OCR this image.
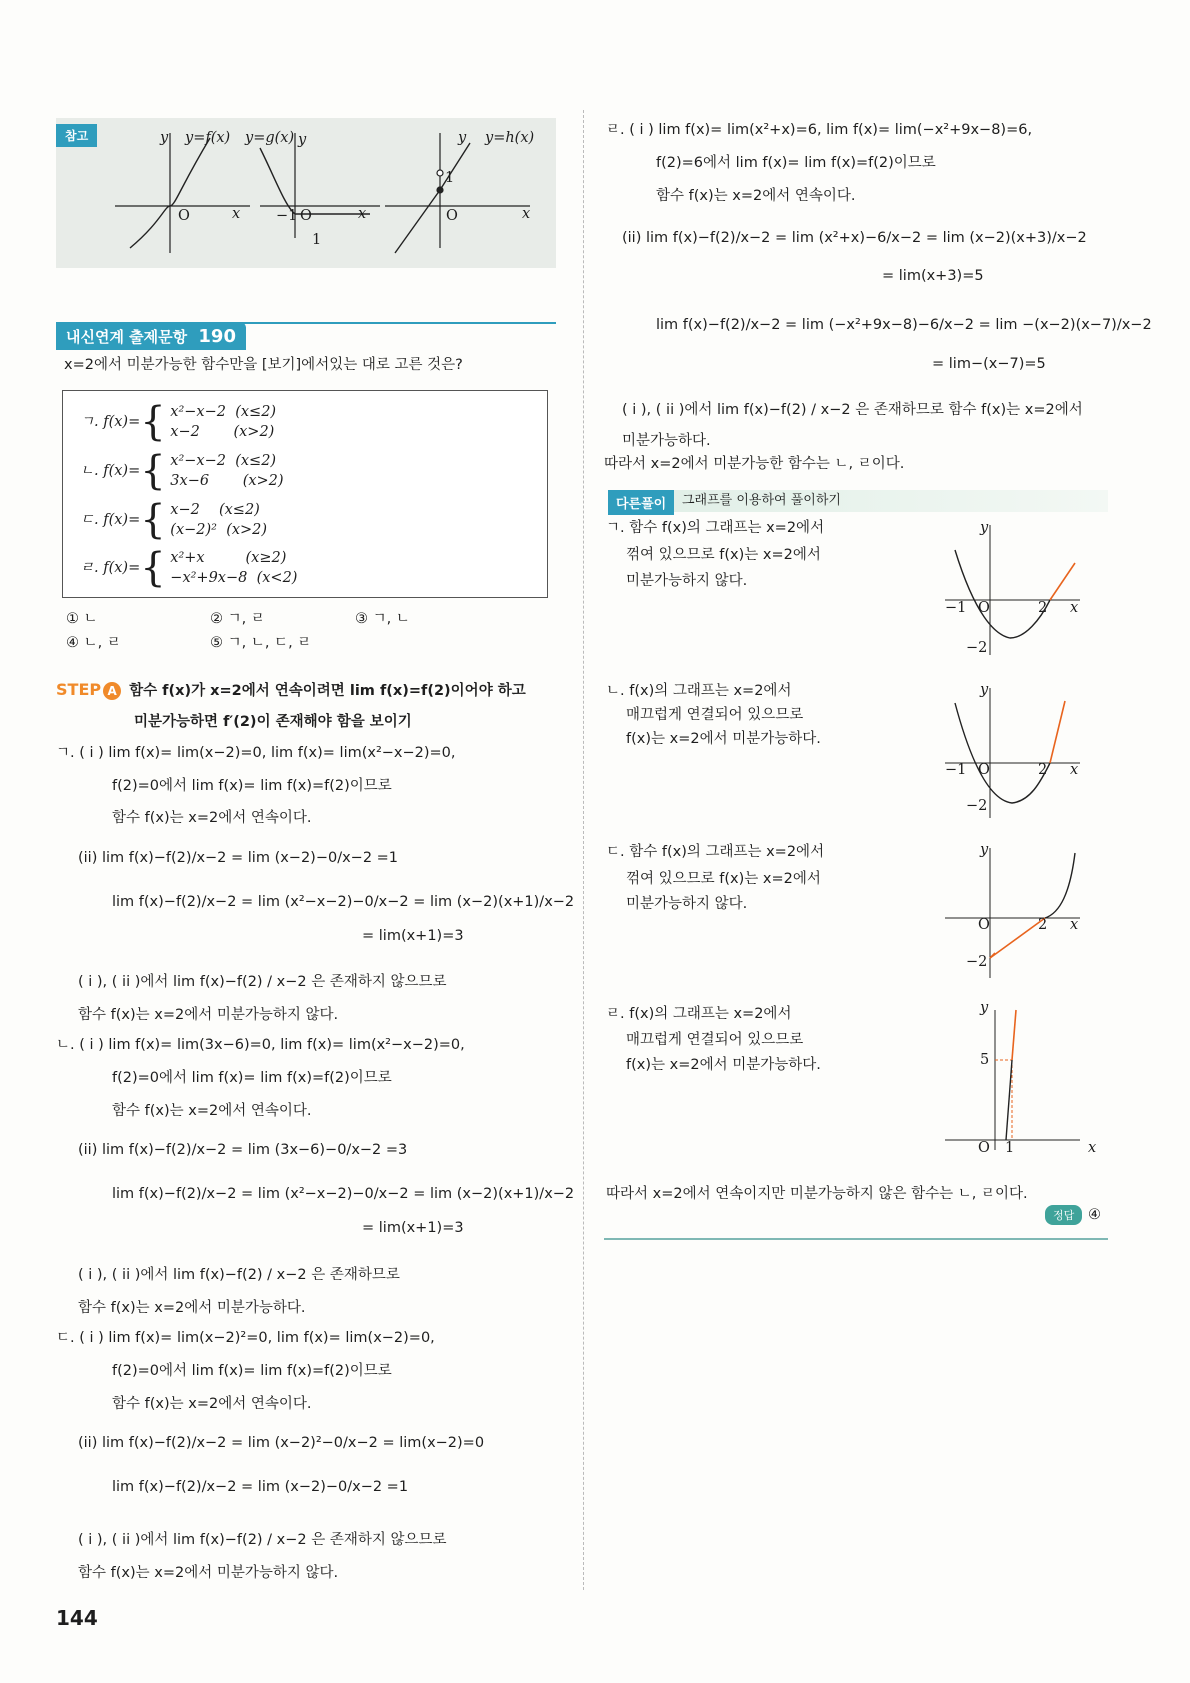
참고	y y=f(x) y=g(x) y	y y=h(x)
O	x −1 O	x
1
O
1
x
내신연계 출제문항 190
x=2에서 미분가능한 함수만을 [보기]에서있는 대로 고른 것은?
ㄱ. f(x)={ x²−x−2 (x≤2)
x−2   (x>2)
ㄴ. f(x)={ x²−x−2 (x≤2)
3x−6   (x>2)
ㄷ. f(x)={ x−2  (x≤2)
(x−2)² (x>2)
ㄹ. f(x)={ x²+x   	(x≥2)
−x²+9x−8 (x<2)
① ㄴ	② ㄱ, ㄹ	③ ㄱ, ㄴ
④ ㄴ, ㄹ	⑤ ㄱ, ㄴ, ㄷ, ㄹ
STEP A 함수 f(x)가 x=2에서 연속이려면 lim f(x)=f(2)이어야 하고
미분가능하면 f′(2)이 존재해야 함을 보이기
ㄱ. ( i ) lim f(x)= lim(x−2)=0, lim f(x)= lim(x²−x−2)=0,
f(2)=0에서 lim f(x)= lim f(x)=f(2)이므로
함수 f(x)는 x=2에서 연속이다.
(ii) lim f(x)−f(2)/x−2 = lim (x−2)−0/x−2 =1
lim f(x)−f(2)/x−2 = lim (x²−x−2)−0/x−2 = lim (x−2)(x+1)/x−2
= lim(x+1)=3
( i ), ( ii )에서 lim f(x)−f(2) / x−2 은 존재하지 않으므로
함수 f(x)는 x=2에서 미분가능하지 않다.
ㄴ. ( i ) lim f(x)= lim(3x−6)=0, lim f(x)= lim(x²−x−2)=0,
f(2)=0에서 lim f(x)= lim f(x)=f(2)이므로
함수 f(x)는 x=2에서 연속이다.
(ii) lim f(x)−f(2)/x−2 = lim (3x−6)−0/x−2 =3
lim f(x)−f(2)/x−2 = lim (x²−x−2)−0/x−2 = lim (x−2)(x+1)/x−2
= lim(x+1)=3
( i ), ( ii )에서 lim f(x)−f(2) / x−2 은 존재하므로
함수 f(x)는 x=2에서 미분가능하다.
ㄷ. ( i ) lim f(x)= lim(x−2)²=0, lim f(x)= lim(x−2)=0,
f(2)=0에서 lim f(x)= lim f(x)=f(2)이므로
함수 f(x)는 x=2에서 연속이다.
(ii) lim f(x)−f(2)/x−2 = lim (x−2)²−0/x−2 = lim(x−2)=0
lim f(x)−f(2)/x−2 = lim (x−2)−0/x−2 =1
( i ), ( ii )에서 lim f(x)−f(2) / x−2 은 존재하지 않으므로
함수 f(x)는 x=2에서 미분가능하지 않다.
144
ㄹ. ( i ) lim f(x)= lim(x²+x)=6, lim f(x)= lim(−x²+9x−8)=6,
f(2)=6에서 lim f(x)= lim f(x)=f(2)이므로
함수 f(x)는 x=2에서 연속이다.
(ii) lim f(x)−f(2)/x−2 = lim (x²+x)−6/x−2 = lim (x−2)(x+3)/x−2
= lim(x+3)=5
lim f(x)−f(2)/x−2 = lim (−x²+9x−8)−6/x−2 = lim −(x−2)(x−7)/x−2
= lim−(x−7)=5
( i ), ( ii )에서 lim f(x)−f(2) / x−2 은 존재하므로 함수 f(x)는 x=2에서
미분가능하다.
따라서 x=2에서 미분가능한 함수는 ㄴ, ㄹ이다.
다른풀이	그래프를 이용하여 풀이하기
ㄱ. 함수 f(x)의 그래프는 x=2에서
꺾여 있으므로 f(x)는 x=2에서
미분가능하지 않다.
ㄴ. f(x)의 그래프는 x=2에서
매끄럽게 연결되어 있으므로
f(x)는 x=2에서 미분가능하다.
ㄷ. 함수 f(x)의 그래프는 x=2에서
꺾여 있으므로 f(x)는 x=2에서
미분가능하지 않다.
ㄹ. f(x)의 그래프는 x=2에서
매끄럽게 연결되어 있으므로
f(x)는 x=2에서 미분가능하다.
y
−1 O	2 x
−2
y
−1 O	2 x
−2
y
O	2 x
−2
y
5
O 1	x
따라서 x=2에서 연속이지만 미분가능하지 않은 함수는 ㄴ, ㄹ이다.
정답 ④
